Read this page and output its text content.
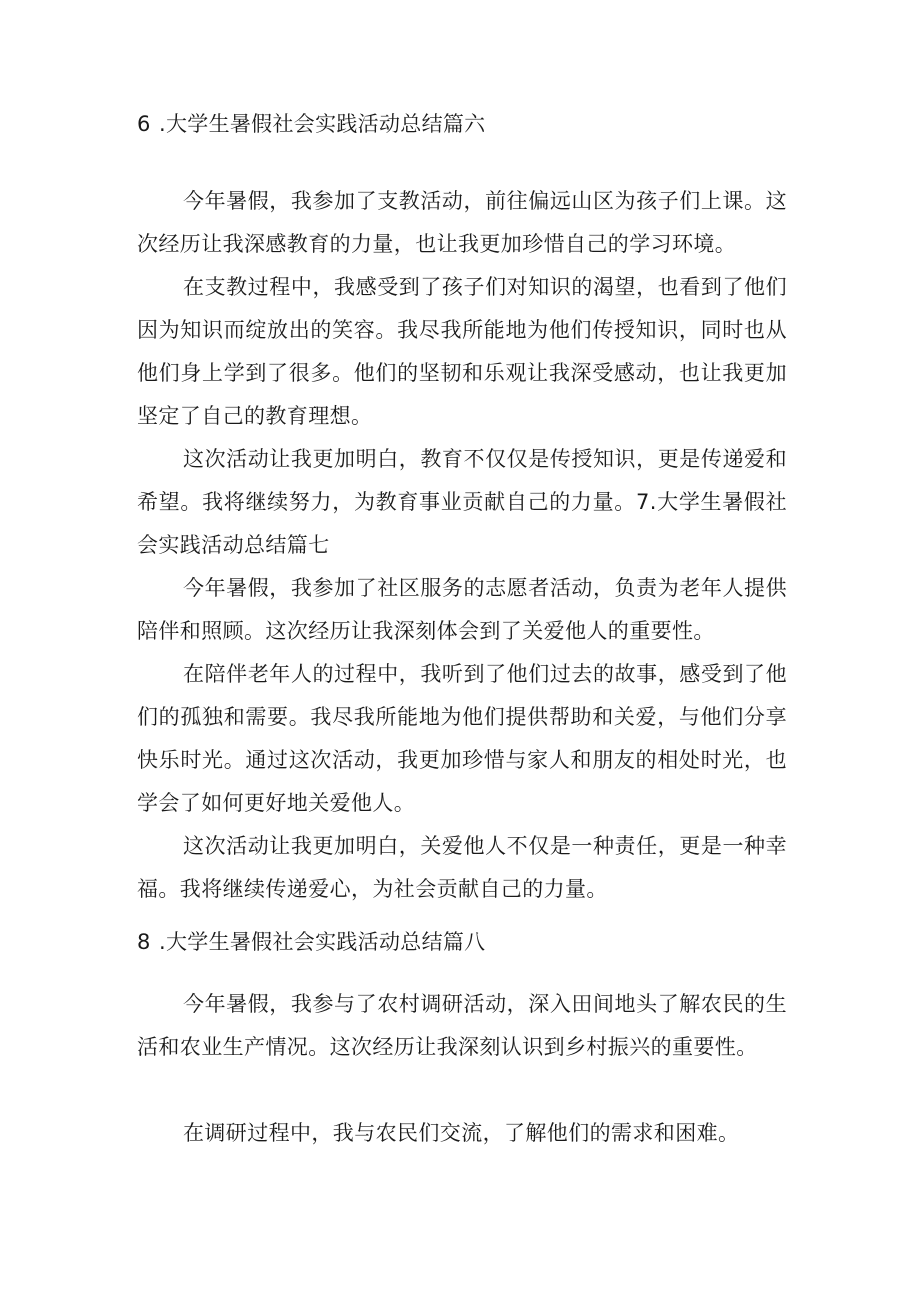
6 .大学生暑假社会实践活动总结篇六

今年暑假，我参加了支教活动，前往偏远山区为孩子们上课。这次经历让我深感教育的力量，也让我更加珍惜自己的学习环境。

在支教过程中，我感受到了孩子们对知识的渴望，也看到了他们因为知识而绽放出的笑容。我尽我所能地为他们传授知识，同时也从他们身上学到了很多。他们的坚韧和乐观让我深受感动，也让我更加坚定了自己的教育理想。

这次活动让我更加明白，教育不仅仅是传授知识，更是传递爱和希望。我将继续努力，为教育事业贡献自己的力量。7.大学生暑假社会实践活动总结篇七

今年暑假，我参加了社区服务的志愿者活动，负责为老年人提供陪伴和照顾。这次经历让我深刻体会到了关爱他人的重要性。

在陪伴老年人的过程中，我听到了他们过去的故事，感受到了他们的孤独和需要。我尽我所能地为他们提供帮助和关爱，与他们分享快乐时光。通过这次活动，我更加珍惜与家人和朋友的相处时光，也学会了如何更好地关爱他人。

这次活动让我更加明白，关爱他人不仅是一种责任，更是一种幸福。我将继续传递爱心，为社会贡献自己的力量。

8 .大学生暑假社会实践活动总结篇八

今年暑假，我参与了农村调研活动，深入田间地头了解农民的生活和农业生产情况。这次经历让我深刻认识到乡村振兴的重要性。

在调研过程中，我与农民们交流，了解他们的需求和困难。
